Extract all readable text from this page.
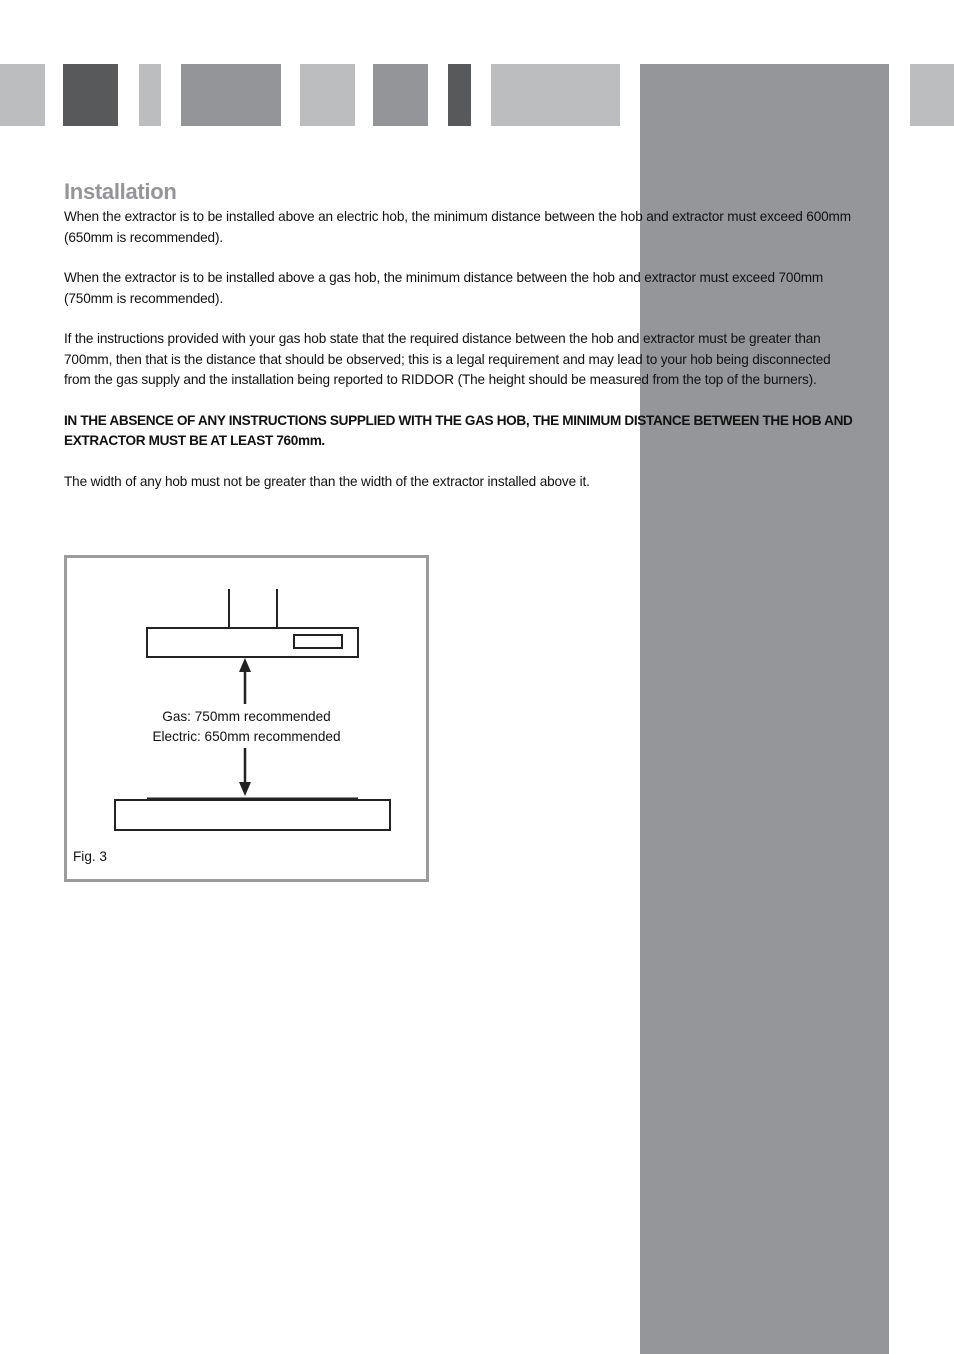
Installation

When the extractor is to be installed above an electric hob, the minimum distance between the hob and extractor must exceed 600mm (650mm is recommended).

When the extractor is to be installed above a gas hob, the minimum distance between the hob and extractor must exceed 700mm (750mm is recommended).

If the instructions provided with your gas hob state that the required distance between the hob and extractor must be greater than 700mm, then that is the distance that should be observed; this is a legal requirement and may lead to your hob being disconnected from the gas supply and the installation being reported to RIDDOR (The height should be measured from the top of the burners).

IN THE ABSENCE OF ANY INSTRUCTIONS SUPPLIED WITH THE GAS HOB, THE MINIMUM DISTANCE BETWEEN THE HOB AND EXTRACTOR MUST BE AT LEAST 760mm.

The width of any hob must not be greater than the width of the extractor installed above it.

Gas: 750mm recommended
Electric: 650mm recommended
Fig. 3
